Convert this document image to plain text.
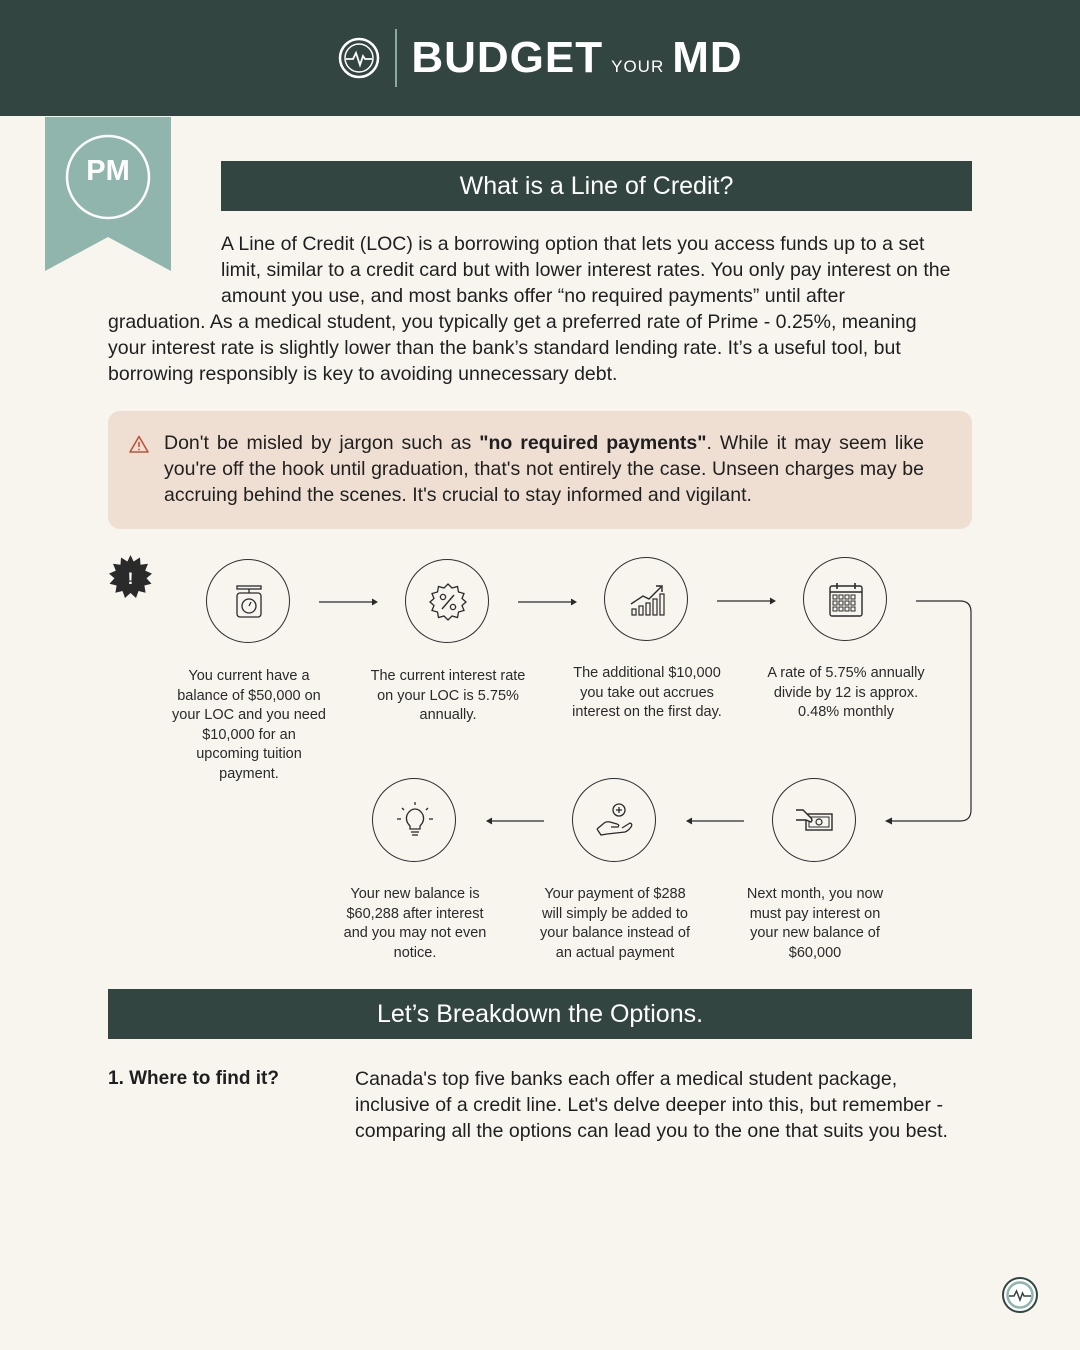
BUDGET YOUR MD
PM	What is a Line of Credit?

A Line of Credit (LOC) is a borrowing option that lets you access funds up to a set limit, similar to a credit card but with lower interest rates. You only pay interest on the amount you use, and most banks offer “no required payments” until after

graduation. As a medical student, you typically get a preferred rate of Prime - 0.25%, meaning your interest rate is slightly lower than the bank’s standard lending rate. It’s a useful tool, but borrowing responsibly is key to avoiding unnecessary debt.

Don't be misled by jargon such as "no required payments". While it may seem like you're off the hook until graduation, that's not entirely the case. Unseen charges may be accruing behind the scenes. It's crucial to stay informed and vigilant.

!

You current have a balance of $50,000 on your LOC and you need $10,000 for an upcoming tuition payment.

The current interest rate on your LOC is 5.75% annually.

The additional $10,000 you take out accrues interest on the first day.

A rate of 5.75% annually divide by 12 is approx. 0.48% monthly

Next month, you now must pay interest on your new balance of $60,000

Your payment of $288 will simply be added to your balance instead of an actual payment

Your new balance is $60,288 after interest and you may not even notice.

Let’s Breakdown the Options.
1. Where to find it?	Canada's top five banks each offer a medical student package, inclusive of a credit line. Let's delve deeper into this, but remember - comparing all the options can lead you to the one that suits you best.
